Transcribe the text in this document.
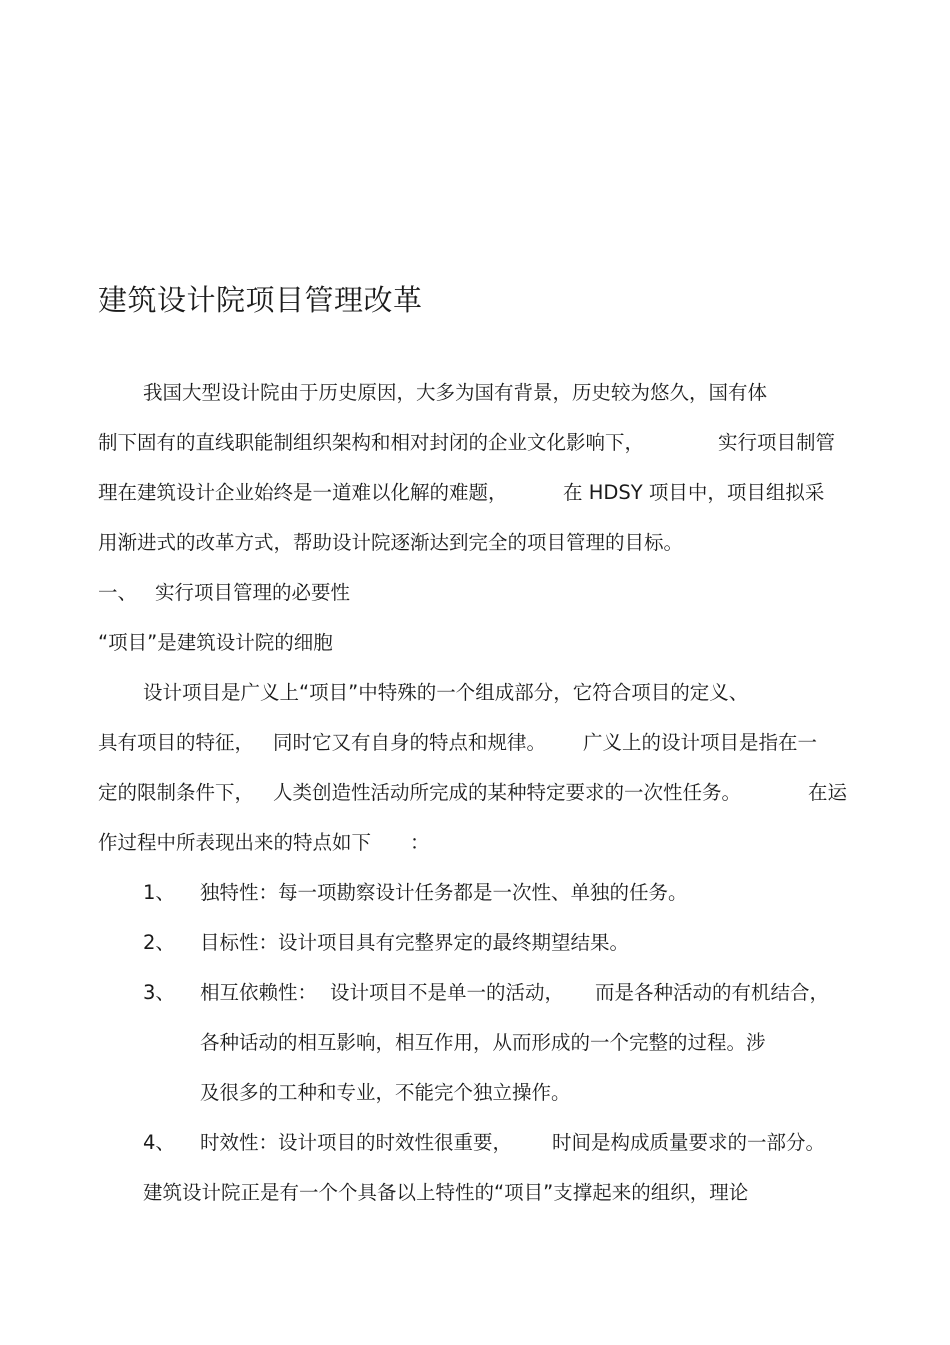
建筑设计院项目管理改革
我国大型设计院由于历史原因，大多为国有背景，历史较为悠久，国有体
制下固有的直线职能制组织架构和相对封闭的企业文化影响下，	实行项目制管
理在建筑设计企业始终是一道难以化解的难题，	在 HDSY 项目中，项目组拟采
用渐进式的改革方式，帮助设计院逐渐达到完全的项目管理的目标。
一、 实行项目管理的必要性
“项目”是建筑设计院的细胞
设计项目是广义上“项目”中特殊的一个组成部分，它符合项目的定义、
具有项目的特征， 同时它又有自身的特点和规律。 广义上的设计项目是指在一
定的限制条件下， 人类创造性活动所完成的某种特定要求的一次性任务。	在运
作过程中所表现出来的特点如下 ：
1、 独特性：每一项勘察设计任务都是一次性、单独的任务。
2、 目标性：设计项目具有完整界定的最终期望结果。
3、 相互依赖性： 设计项目不是单一的活动， 而是各种活动的有机结合，
各种话动的相互影响，相互作用，从而形成的一个完整的过程。涉
及很多的工种和专业，不能完个独立操作。
4、 时效性：设计项目的时效性很重要， 时间是构成质量要求的一部分。
建筑设计院正是有一个个具备以上特性的“项目”支撑起来的组织，理论
